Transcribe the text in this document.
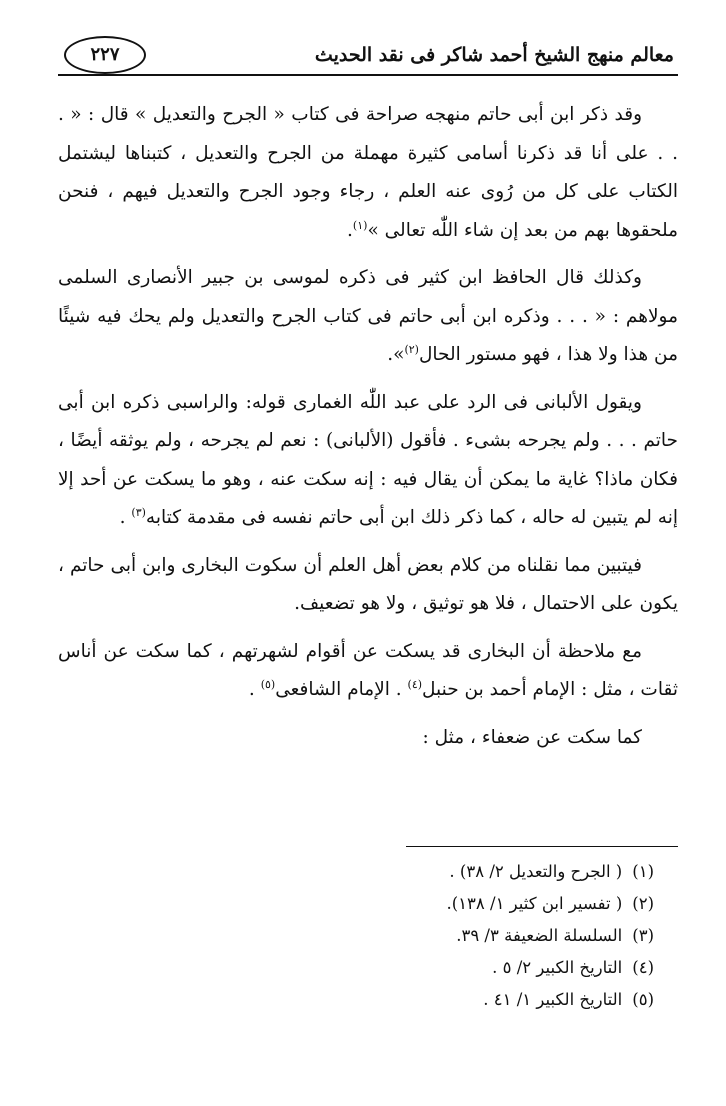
معالم منهج الشيخ أحمد شاكر فى نقد الحديث
٢٢٧

وقد ذكر ابن أبى حاتم منهجه صراحة فى كتاب « الجرح والتعديل » قال : « . . . على أنا قد ذكرنا أسامى كثيرة مهملة من الجرح والتعديل ، كتبناها ليشتمل الكتاب على كل من رُوى عنه العلم ، رجاء وجود الجرح والتعديل فيهم ، فنحن ملحقوها بهم من بعد إن شاء اللّٰه تعالى »$^{(١)}$.

وكذلك قال الحافظ ابن كثير فى ذكره لموسى بن جبير الأنصارى السلمى مولاهم : « . . . وذكره ابن أبى حاتم فى كتاب الجرح والتعديل ولم يحك فيه شيئًا من هذا ولا هذا ، فهو مستور الحال$^{(٢)}$».

ويقول الألبانى فى الرد على عبد اللّٰه الغمارى قوله: والراسبى ذكره ابن أبى حاتم . . . ولم يجرحه بشىء . فأقول (الألبانى) : نعم لم يجرحه ، ولم يوثقه أيضًا ، فكان ماذا؟ غاية ما يمكن أن يقال فيه : إنه سكت عنه ، وهو ما يسكت عن أحد إلا إنه لم يتبين له حاله ، كما ذكر ذلك ابن أبى حاتم نفسه فى مقدمة كتابه$^{(٣)}$ .

فيتبين مما نقلناه من كلام بعض أهل العلم أن سكوت البخارى وابن أبى حاتم ، يكون على الاحتمال ، فلا هو توثيق ، ولا هو تضعيف.

مع ملاحظة أن البخارى قد يسكت عن أقوام لشهرتهم ، كما سكت عن أناس ثقات ، مثل : الإمام أحمد بن حنبل$^{(٤)}$ . الإمام الشافعى$^{(٥)}$ .

كما سكت عن ضعفاء ، مثل :

(١)( الجرح والتعديل ٢/ ٣٨) .
(٢)( تفسير ابن كثير ١/ ١٣٨).
(٣)السلسلة الضعيفة ٣/ ٣٩.
(٤)التاريخ الكبير ٢/ ٥ .
(٥)التاريخ الكبير ١/ ٤١ .
